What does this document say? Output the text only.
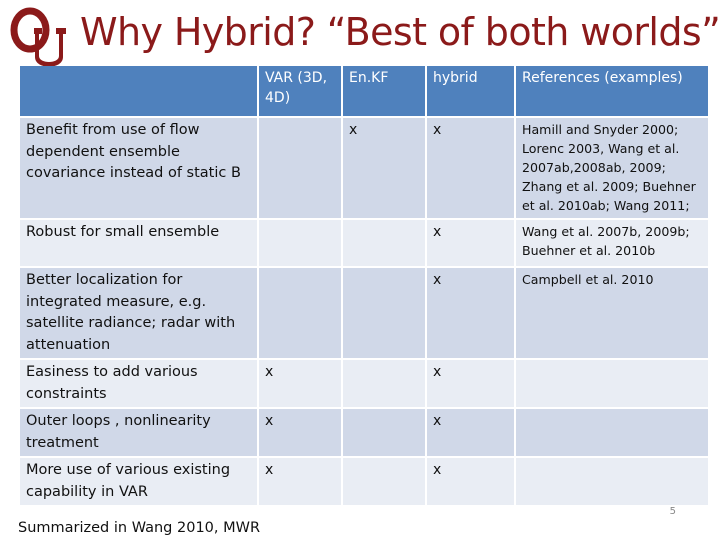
Why Hybrid? “Best of both worlds”
	VAR (3D, 4D)	En.KF	hybrid	References (examples)
Benefit from use of flow dependent ensemble covariance instead of static B		x	x	Hamill and Snyder 2000; Lorenc 2003, Wang et al. 2007ab,2008ab, 2009; Zhang et al. 2009; Buehner et al. 2010ab; Wang 2011;
Robust for small ensemble			x	Wang et al. 2007b, 2009b; Buehner et al. 2010b
Better localization for integrated measure, e.g. satellite radiance; radar with attenuation			x	Campbell et al. 2010
Easiness to add various constraints	x		x	
Outer loops , nonlinearity treatment	x		x	
More use of various existing capability in VAR	x		x	
Summarized in Wang 2010, MWR
5
